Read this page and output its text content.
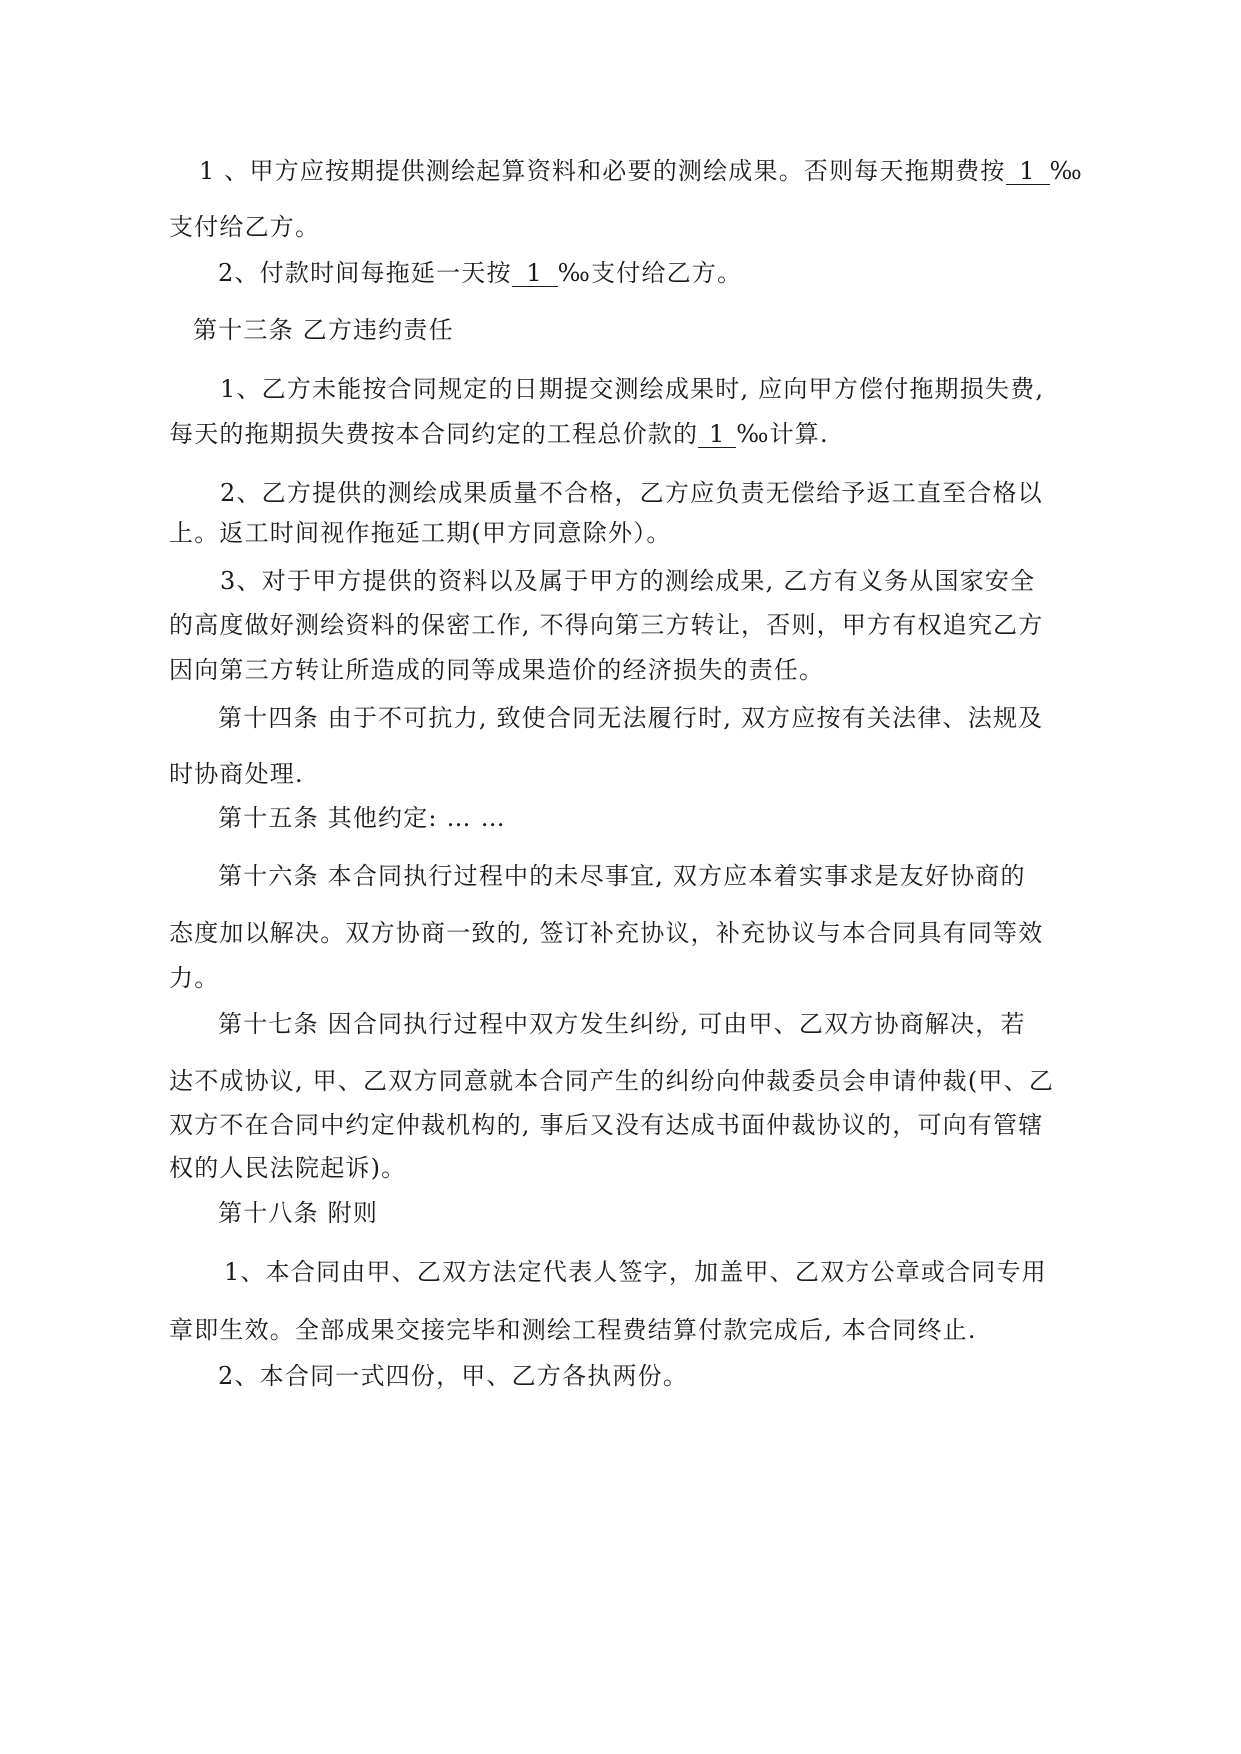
1 、甲方应按期提供测绘起算资料和必要的测绘成果。否则每天拖期费按 1 ‰
支付给乙方。
2、付款时间每拖延一天按 1 ‰支付给乙方。
第十三条 乙方违约责任
1、乙方未能按合同规定的日期提交测绘成果时, 应向甲方偿付拖期损失费,
每天的拖期损失费按本合同约定的工程总价款的 1 ‰计算.
2、乙方提供的测绘成果质量不合格，乙方应负责无偿给予返工直至合格以
上。返工时间视作拖延工期(甲方同意除外）。
3、对于甲方提供的资料以及属于甲方的测绘成果, 乙方有义务从国家安全
的高度做好测绘资料的保密工作, 不得向第三方转让，否则，甲方有权追究乙方
因向第三方转让所造成的同等成果造价的经济损失的责任。
第十四条 由于不可抗力, 致使合同无法履行时, 双方应按有关法律、法规及
时协商处理.
第十五条 其他约定: … …
第十六条 本合同执行过程中的未尽事宜, 双方应本着实事求是友好协商的
态度加以解决。双方协商一致的, 签订补充协议，补充协议与本合同具有同等效
力。
第十七条 因合同执行过程中双方发生纠纷, 可由甲、乙双方协商解决，若
达不成协议, 甲、乙双方同意就本合同产生的纠纷向仲裁委员会申请仲裁(甲、乙
双方不在合同中约定仲裁机构的, 事后又没有达成书面仲裁协议的，可向有管辖
权的人民法院起诉)。
第十八条 附则
1、本合同由甲、乙双方法定代表人签字，加盖甲、乙双方公章或合同专用
章即生效。全部成果交接完毕和测绘工程费结算付款完成后, 本合同终止.
2、本合同一式四份，甲、乙方各执两份。
